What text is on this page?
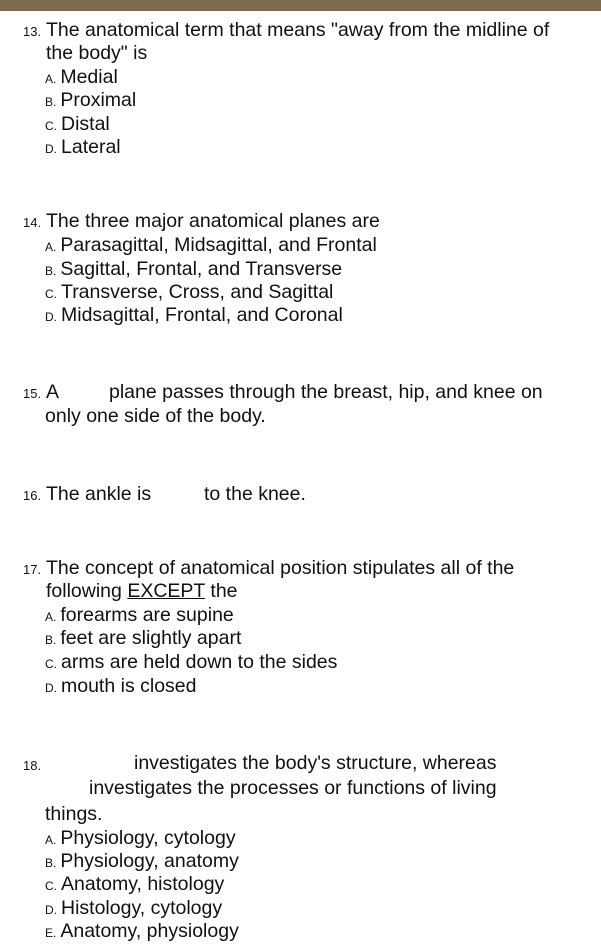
13. The anatomical term that means "away from the midline of
the body" is
A. Medial
B. Proximal
C. Distal
D. Lateral
14. The three major anatomical planes are
A. Parasagittal, Midsagittal, and Frontal
B. Sagittal, Frontal, and Transverse
C. Transverse, Cross, and Sagittal
D. Midsagittal, Frontal, and Coronal
15. A	plane passes through the breast, hip, and knee on
only one side of the body.
16. The ankle is	to the knee.
17. The concept of anatomical position stipulates all of the
following EXCEPT the
A. forearms are supine
B. feet are slightly apart
C. arms are held down to the sides
D. mouth is closed
18.	investigates the body's structure, whereas
investigates the processes or functions of living
things.
A. Physiology, cytology
B. Physiology, anatomy
C. Anatomy, histology
D. Histology, cytology
E. Anatomy, physiology
